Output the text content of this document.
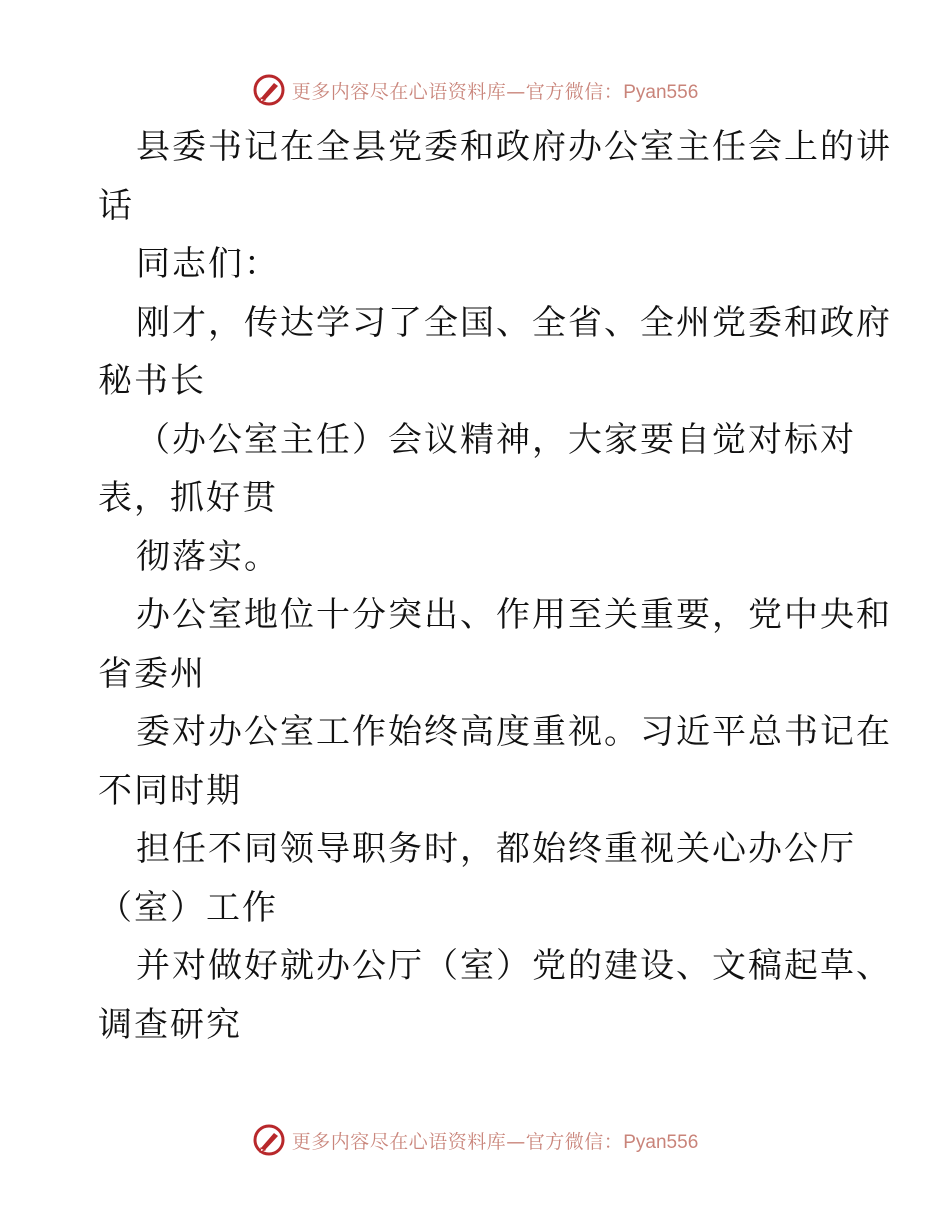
更多内容尽在心语资料库—官方微信：Pyan556
县委书记在全县党委和政府办公室主任会上的讲
话
同志们：
刚才，传达学习了全国、全省、全州党委和政府
秘书长
（办公室主任）会议精神，大家要自觉对标对
表，抓好贯
彻落实。
办公室地位十分突出、作用至关重要，党中央和
省委州
委对办公室工作始终高度重视。习近平总书记在
不同时期
担任不同领导职务时，都始终重视关心办公厅
（室）工作
并对做好就办公厅（室）党的建设、文稿起草、
调查研究
更多内容尽在心语资料库—官方微信：Pyan556
